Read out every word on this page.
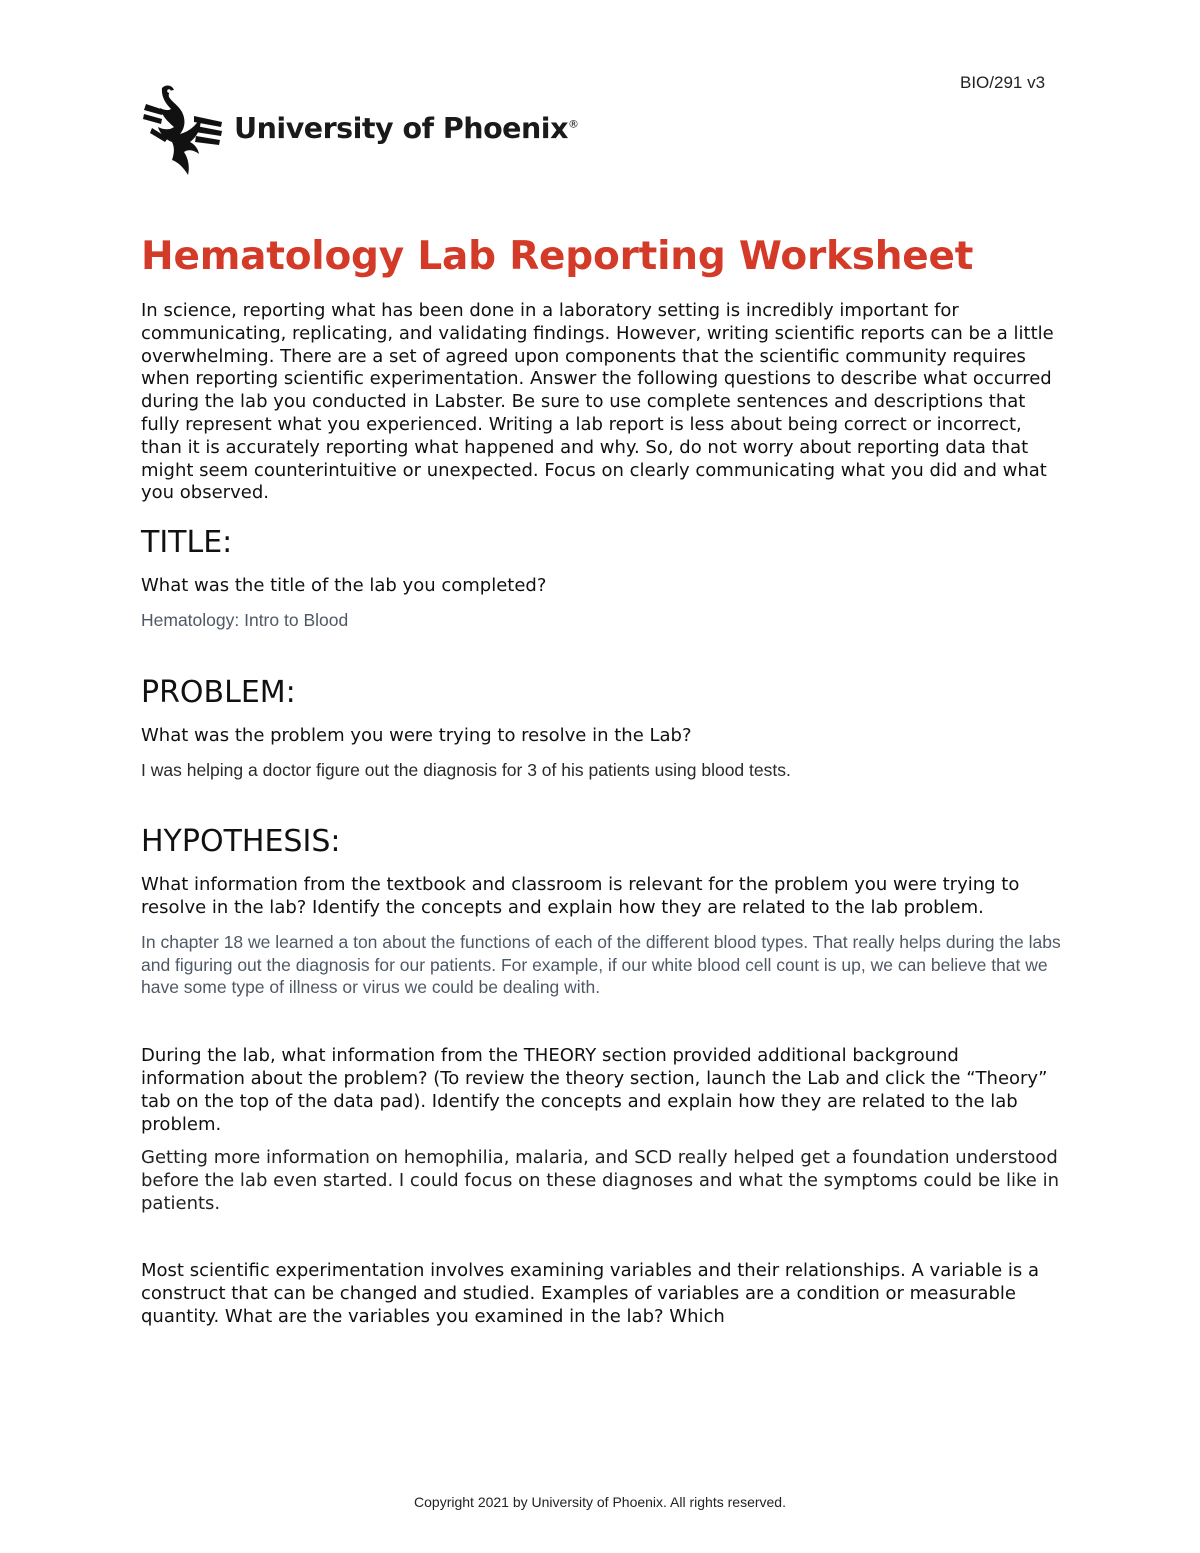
BIO/291 v3
University of Phoenix®
Hematology Lab Reporting Worksheet

In science, reporting what has been done in a laboratory setting is incredibly important for communicating, replicating, and validating findings. However, writing scientific reports can be a little overwhelming. There are a set of agreed upon components that the scientific community requires when reporting scientific experimentation. Answer the following questions to describe what occurred during the lab you conducted in Labster. Be sure to use complete sentences and descriptions that fully represent what you experienced. Writing a lab report is less about being correct or incorrect, than it is accurately reporting what happened and why. So, do not worry about reporting data that might seem counterintuitive or unexpected. Focus on clearly communicating what you did and what you observed.

TITLE:

What was the title of the lab you completed?

Hematology: Intro to Blood

PROBLEM:

What was the problem you were trying to resolve in the Lab?

I was helping a doctor figure out the diagnosis for 3 of his patients using blood tests.

HYPOTHESIS:

What information from the textbook and classroom is relevant for the problem you were trying to resolve in the lab? Identify the concepts and explain how they are related to the lab problem.

In chapter 18 we learned a ton about the functions of each of the different blood types. That really helps during the labs and figuring out the diagnosis for our patients. For example, if our white blood cell count is up, we can believe that we have some type of illness or virus we could be dealing with.

During the lab, what information from the THEORY section provided additional background information about the problem? (To review the theory section, launch the Lab and click the “Theory” tab on the top of the data pad). Identify the concepts and explain how they are related to the lab problem.

Getting more information on hemophilia, malaria, and SCD really helped get a foundation understood before the lab even started. I could focus on these diagnoses and what the symptoms could be like in patients.

Most scientific experimentation involves examining variables and their relationships. A variable is a construct that can be changed and studied. Examples of variables are a condition or measurable quantity. What are the variables you examined in the lab? Which

Copyright 2021 by University of Phoenix. All rights reserved.
